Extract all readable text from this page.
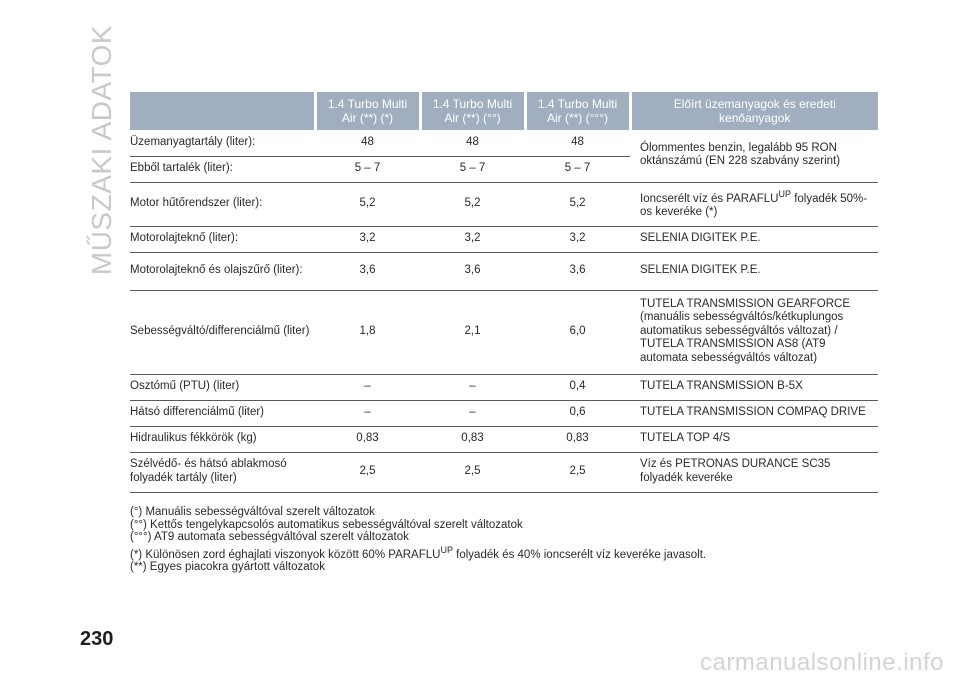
MŰSZAKI ADATOK
		1.4 Turbo Multi Air (**) (*)	1.4 Turbo Multi Air (**) (°°)	1.4 Turbo Multi Air (**) (°°°)	Előírt üzemanyagok és eredeti kenőanyagok
Üzemanyagtartály (liter):	48	48	48	Ólommentes benzin, legalább 95 RON oktánszámú (EN 228 szabvány szerint)
Ebből tartalék (liter):	5 – 7	5 – 7	5 – 7	
Motor hűtőrendszer (liter):	5,2	5,2	5,2	Ioncserélt víz és $PARAFLU^{UP}$ folyadék 50%-os keveréke (*)
Motorolajteknő (liter):	3,2	3,2	3,2	SELENIA DIGITEK P.E.
Motorolajteknő és olajszűrő (liter):	3,6	3,6	3,6	SELENIA DIGITEK P.E.
Sebességváltó/differenciálmű (liter)	1,8	2,1	6,0	TUTELA TRANSMISSION GEARFORCE (manuális sebességváltós/kétkuplungos automatikus sebességváltós változat) / TUTELA TRANSMISSION AS8 (AT9 automata sebességváltós változat)
Osztómű (PTU) (liter)	–	–	0,4	TUTELA TRANSMISSION B-5X
Hátsó differenciálmű (liter)	–	–	0,6	TUTELA TRANSMISSION COMPAQ DRIVE
Hidraulikus fékkörök (kg)	0,83	0,83	0,83	TUTELA TOP 4/S
Szélvédő- és hátsó ablakmosó folyadék tartály (liter)	2,5	2,5	2,5	Víz és PETRONAS DURANCE SC35 folyadék keveréke
(°) Manuális sebességváltóval szerelt változatok
(°°) Kettős tengelykapcsolós automatikus sebességváltóval szerelt változatok
(°°°) AT9 automata sebességváltóval szerelt változatok
(*) Különösen zord éghajlati viszonyok között 60% $PARAFLU^{UP}$ folyadék és 40% ioncserélt víz keveréke javasolt.
(**) Egyes piacokra gyártott változatok
230
carmanualsonline.info
